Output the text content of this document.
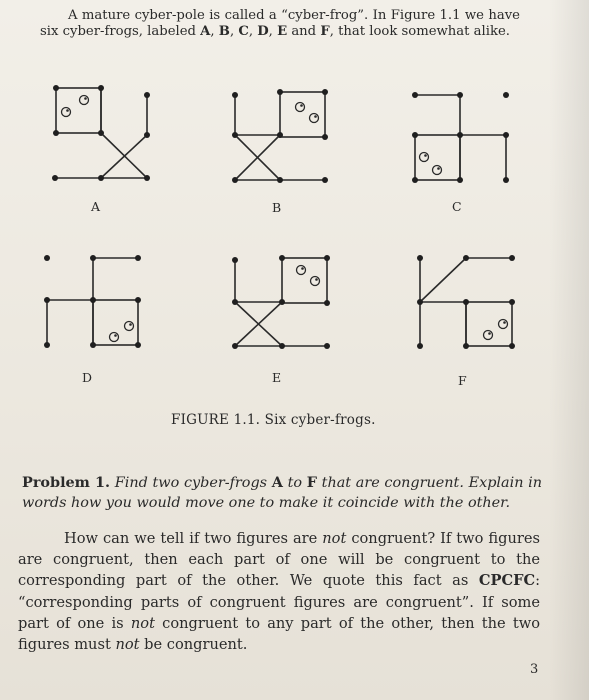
A mature cyber-pole is called a “cyber-frog”. In Figure 1.1 we have six cyber-frogs, labeled A, B, C, D, E and F, that look somewhat alike.
A	B	C
D	E	F
FIGURE 1.1. Six cyber-frogs.
Problem 1. Find two cyber-frogs A to F that are congruent. Explain in words how you would move one to make it coincide with the other.
How can we tell if two figures are not congruent? If two figures are congruent, then each part of one will be congruent to the corresponding part of the other. We quote this fact as CPCFC: “corresponding parts of congruent figures are congruent”. If some part of one is not congruent to any part of the other, then the two figures must not be congruent.
3
